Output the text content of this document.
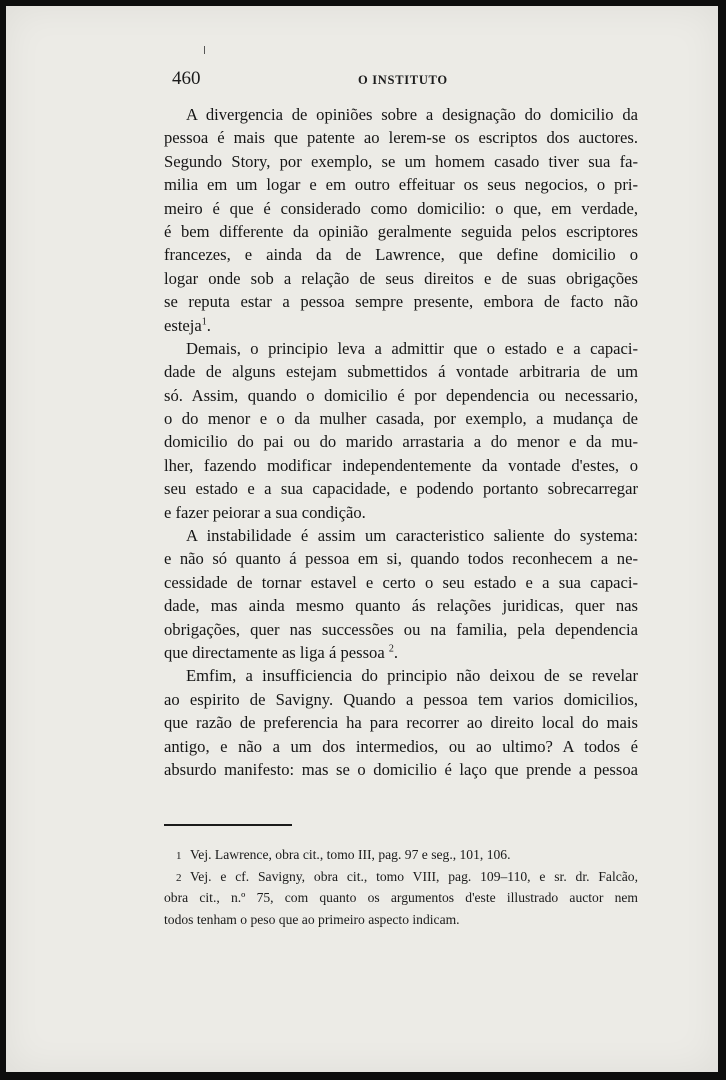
460	O INSTITUTO
A divergencia de opiniões sobre a designação do domicilio da
pessoa é mais que patente ao lerem-se os escriptos dos auctores.
Segundo Story, por exemplo, se um homem casado tiver sua fa-
milia em um logar e em outro effeituar os seus negocios, o pri-
meiro é que é considerado como domicilio: o que, em verdade,
é bem differente da opinião geralmente seguida pelos escriptores
francezes, e ainda da de Lawrence, que define domicilio o
logar onde sob a relação de seus direitos e de suas obrigações
se reputa estar a pessoa sempre presente, embora de facto não
esteja$^1$.
Demais, o principio leva a admittir que o estado e a capaci-
dade de alguns estejam submettidos á vontade arbitraria de um
só. Assim, quando o domicilio é por dependencia ou necessario,
o do menor e o da mulher casada, por exemplo, a mudança de
domicilio do pai ou do marido arrastaria a do menor e da mu-
lher, fazendo modificar independentemente da vontade d'estes, o
seu estado e a sua capacidade, e podendo portanto sobrecarregar
e fazer peiorar a sua condição.
A instabilidade é assim um caracteristico saliente do systema:
e não só quanto á pessoa em si, quando todos reconhecem a ne-
cessidade de tornar estavel e certo o seu estado e a sua capaci-
dade, mas ainda mesmo quanto ás relações juridicas, quer nas
obrigações, quer nas successões ou na familia, pela dependencia
que directamente as liga á pessoa $^2$.
Emfim, a insufficiencia do principio não deixou de se revelar
ao espirito de Savigny. Quando a pessoa tem varios domicilios,
que razão de preferencia ha para recorrer ao direito local do mais
antigo, e não a um dos intermedios, ou ao ultimo? A todos é
absurdo manifesto: mas se o domicilio é laço que prende a pessoa
1 Vej. Lawrence, obra cit., tomo III, pag. 97 e seg., 101, 106.
2 Vej. e cf. Savigny, obra cit., tomo VIII, pag. 109–110, e sr. dr. Falcão,
obra cit., n.º 75, com quanto os argumentos d'este illustrado auctor nem
todos tenham o peso que ao primeiro aspecto indicam.
